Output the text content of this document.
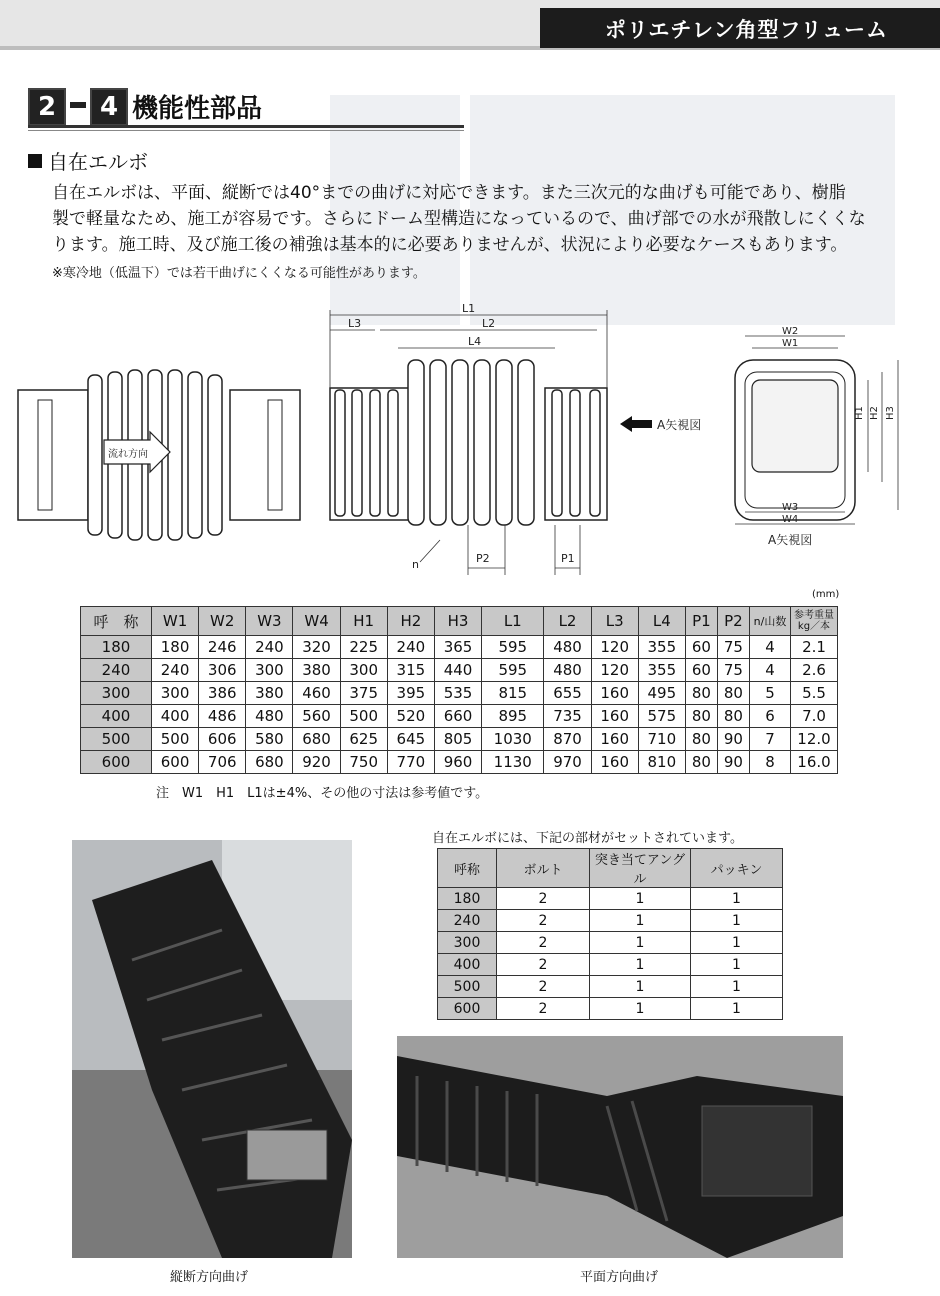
ポリエチレン角型フリューム
2	4 機能性部品
自在エルボ
自在エルボは、平面、縦断では40°までの曲げに対応できます。また三次元的な曲げも可能であり、樹脂
製で軽量なため、施工が容易です。さらにドーム型構造になっているので、曲げ部での水が飛散しにくくな
ります。施工時、及び施工後の補強は基本的に必要ありませんが、状況により必要なケースもあります。
※寒冷地（低温下）では若干曲げにくくなる可能性があります。
流れ方向
L1
L2
L3
L4
P2	P1
n
A矢視図
W2
W1
W3
W4
H1 H2 H3
A矢視図
(mm)
呼　称	W1	W2	W3	W4	H1	H2	H3	L1	L2	L3	L4	P1	P2	n/山数	参考重量
kg／本
180	180	246	240	320	225	240	365	595	480	120	355	60	75	4	2.1
240	240	306	300	380	300	315	440	595	480	120	355	60	75	4	2.6
300	300	386	380	460	375	395	535	815	655	160	495	80	80	5	5.5
400	400	486	480	560	500	520	660	895	735	160	575	80	80	6	7.0
500	500	606	580	680	625	645	805	1030	870	160	710	80	90	7	12.0
600	600	706	680	920	750	770	960	1130	970	160	810	80	90	8	16.0
注　W1　H1　L1は±4%、その他の寸法は参考値です。
自在エルボには、下記の部材がセットされています。
呼称	ボルト	突き当てアングル	パッキン
180	2	1	1
240	2	1	1
300	2	1	1
400	2	1	1
500	2	1	1
600	2	1	1
縦断方向曲げ	平面方向曲げ
